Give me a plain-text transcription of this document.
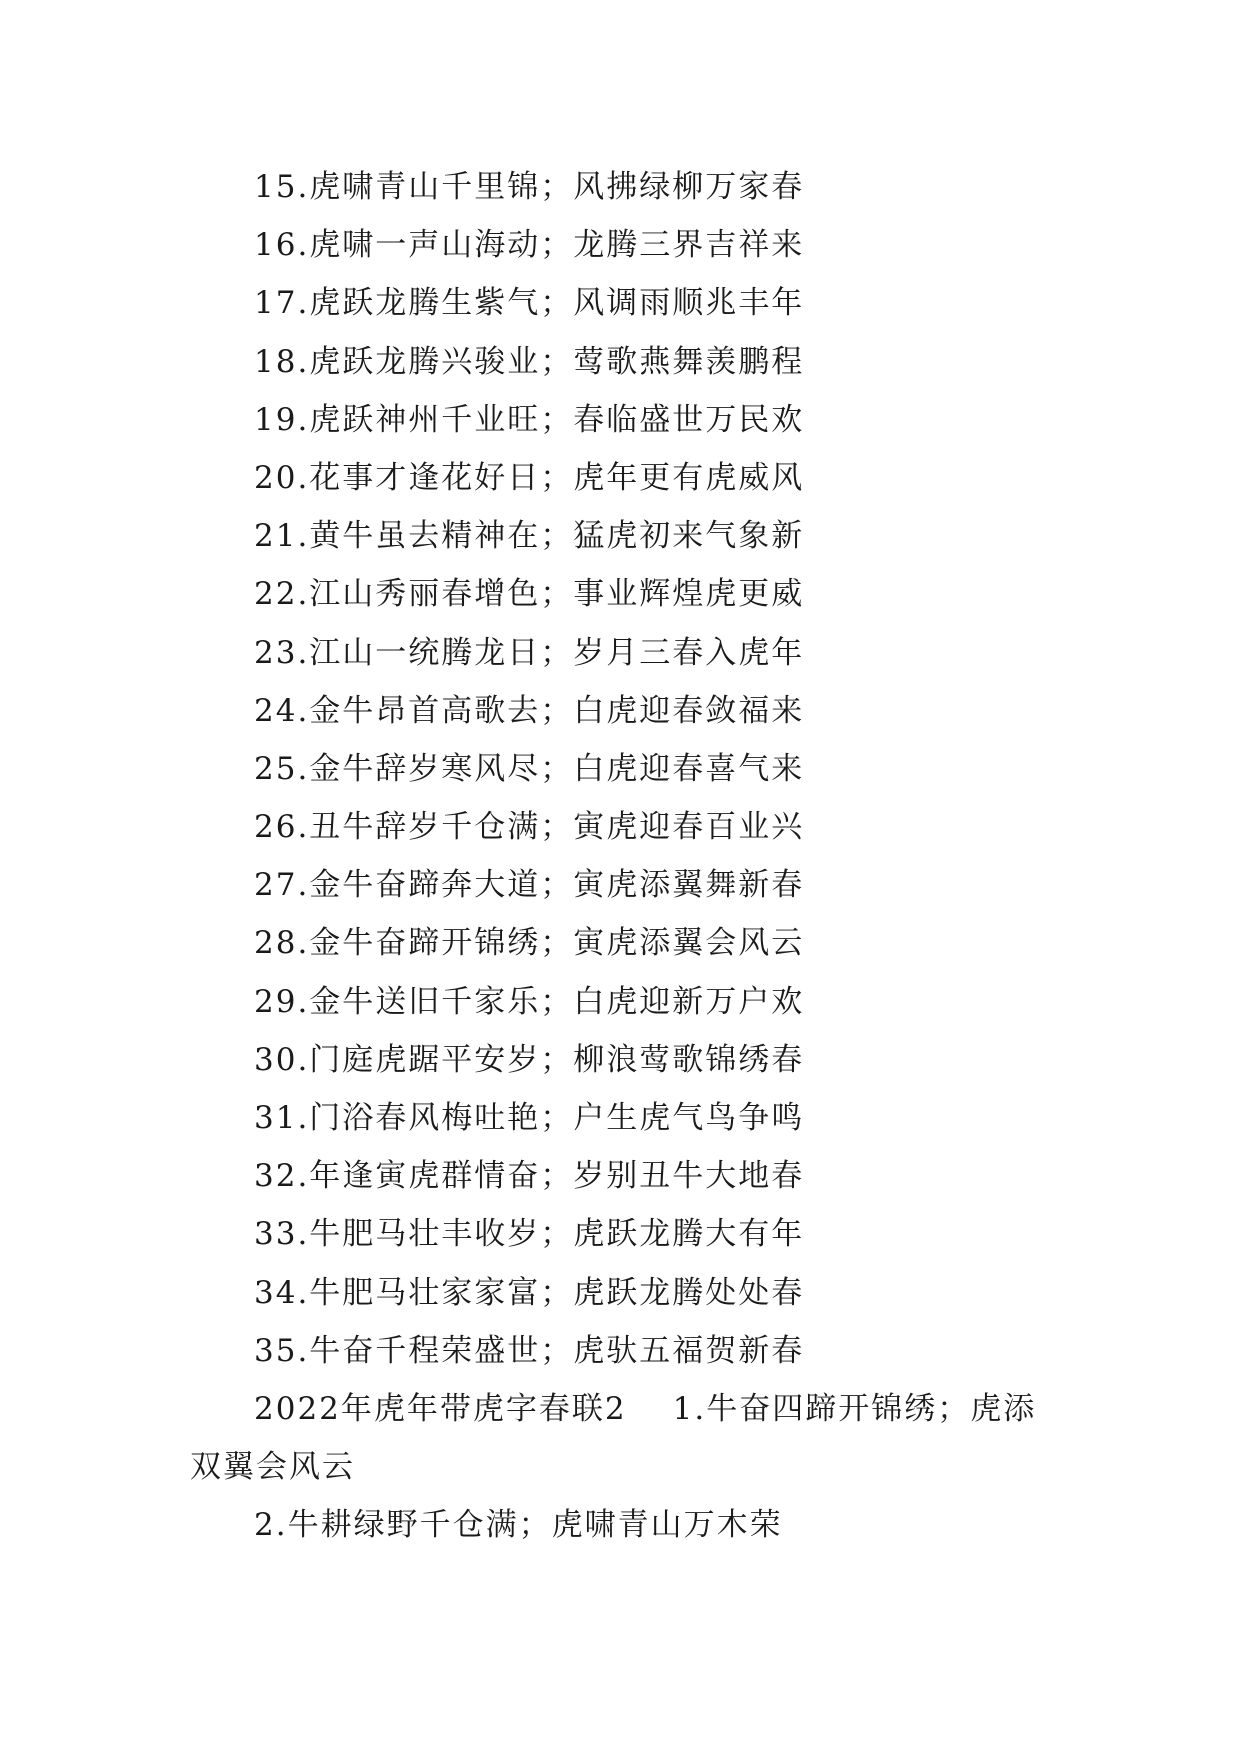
15.虎啸青山千里锦；风拂绿柳万家春
16.虎啸一声山海动；龙腾三界吉祥来
17.虎跃龙腾生紫气；风调雨顺兆丰年
18.虎跃龙腾兴骏业；莺歌燕舞羡鹏程
19.虎跃神州千业旺；春临盛世万民欢
20.花事才逢花好日；虎年更有虎威风
21.黄牛虽去精神在；猛虎初来气象新
22.江山秀丽春增色；事业辉煌虎更威
23.江山一统腾龙日；岁月三春入虎年
24.金牛昂首高歌去；白虎迎春敛福来
25.金牛辞岁寒风尽；白虎迎春喜气来
26.丑牛辞岁千仓满；寅虎迎春百业兴
27.金牛奋蹄奔大道；寅虎添翼舞新春
28.金牛奋蹄开锦绣；寅虎添翼会风云
29.金牛送旧千家乐；白虎迎新万户欢
30.门庭虎踞平安岁；柳浪莺歌锦绣春
31.门浴春风梅吐艳；户生虎气鸟争鸣
32.年逢寅虎群情奋；岁别丑牛大地春
33.牛肥马壮丰收岁；虎跃龙腾大有年
34.牛肥马壮家家富；虎跃龙腾处处春
35.牛奋千程荣盛世；虎驮五福贺新春
2022年虎年带虎字春联2 1.牛奋四蹄开锦绣；虎添
双翼会风云
2.牛耕绿野千仓满；虎啸青山万木荣
